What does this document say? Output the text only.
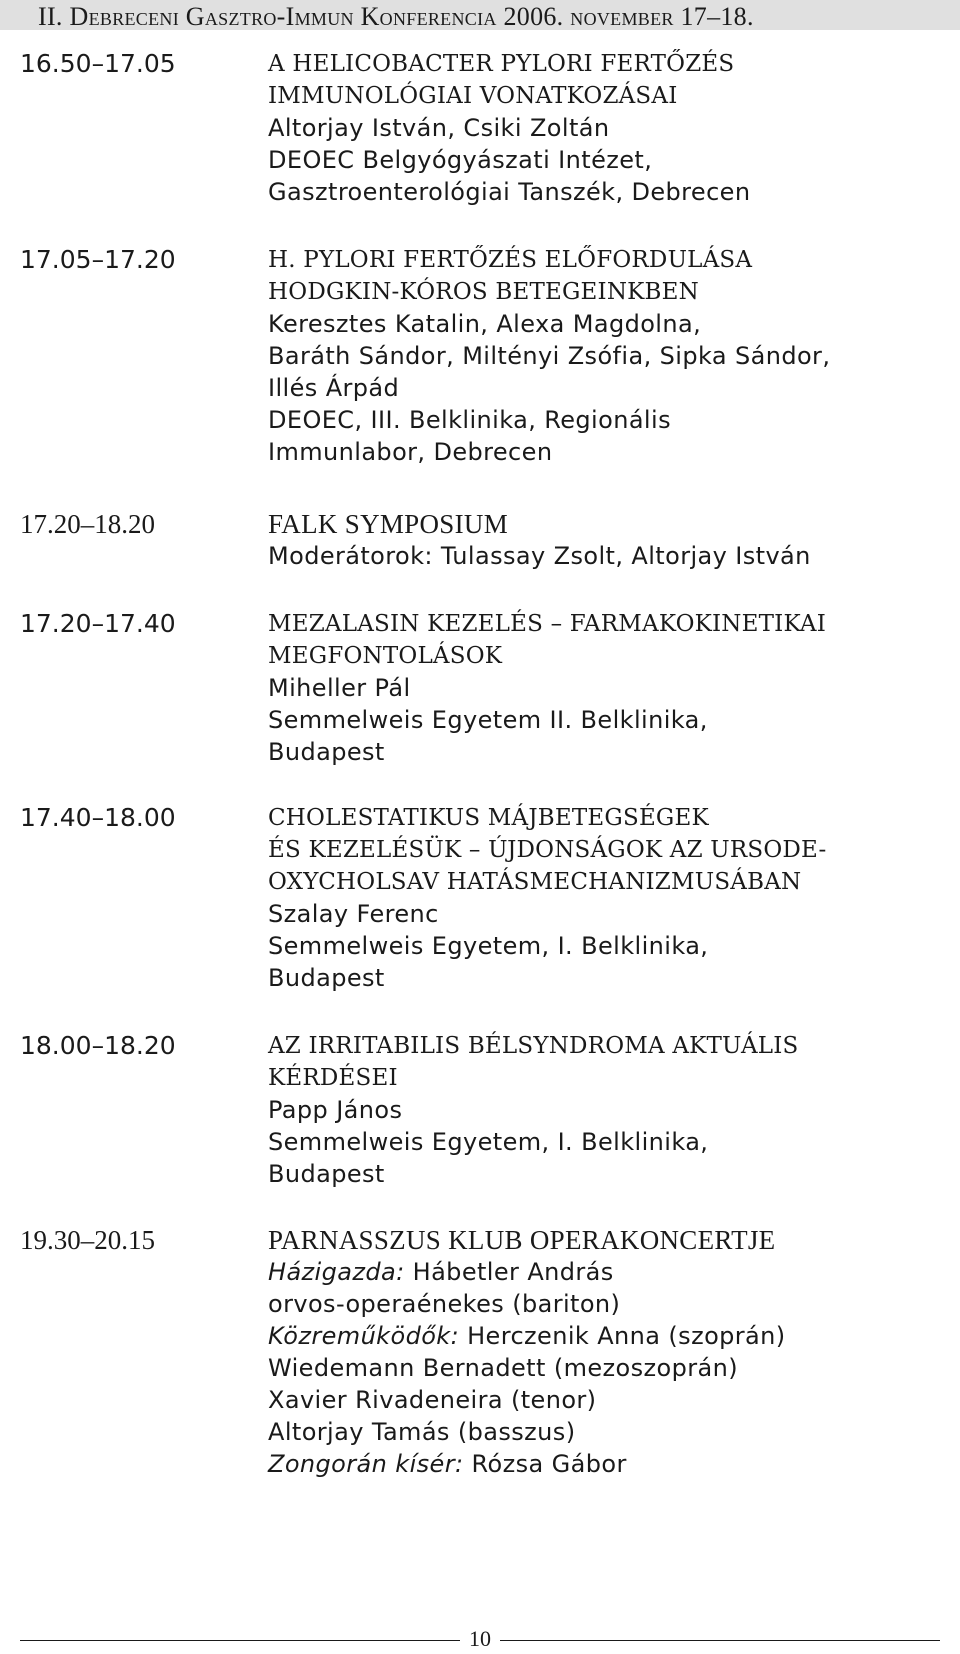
II. Debreceni Gasztro-Immun Konferencia 2006. november 17–18.
16.50–17.05	A HELICOBACTER PYLORI FERTŐZÉS
IMMUNOLÓGIAI VONATKOZÁSAI
Altorjay István, Csiki Zoltán
DEOEC Belgyógyászati Intézet,
Gasztroenterológiai Tanszék, Debrecen
17.05–17.20	H. PYLORI FERTŐZÉS ELŐFORDULÁSA
HODGKIN-KÓROS BETEGEINKBEN
Keresztes Katalin, Alexa Magdolna,
Baráth Sándor, Miltényi Zsófia, Sipka Sándor,
Illés Árpád
DEOEC, III. Belklinika, Regionális
Immunlabor, Debrecen
17.20–18.20	FALK SYMPOSIUM
Moderátorok: Tulassay Zsolt, Altorjay István
17.20–17.40	MEZALASIN KEZELÉS – FARMAKOKINETIKAI
MEGFONTOLÁSOK
Miheller Pál
Semmelweis Egyetem II. Belklinika,
Budapest
17.40–18.00	CHOLESTATIKUS MÁJBETEGSÉGEK
ÉS KEZELÉSÜK – ÚJDONSÁGOK AZ URSODE-
OXYCHOLSAV HATÁSMECHANIZMUSÁBAN
Szalay Ferenc
Semmelweis Egyetem, I. Belklinika,
Budapest
18.00–18.20	AZ IRRITABILIS BÉLSYNDROMA AKTUÁLIS
KÉRDÉSEI
Papp János
Semmelweis Egyetem, I. Belklinika,
Budapest
19.30–20.15	PARNASSZUS KLUB OPERAKONCERTJE
Házigazda: Hábetler András
orvos-operaénekes (bariton)
Közreműködők: Herczenik Anna (szoprán)
Wiedemann Bernadett (mezoszoprán)
Xavier Rivadeneira (tenor)
Altorjay Tamás (basszus)
Zongorán kísér: Rózsa Gábor
10
